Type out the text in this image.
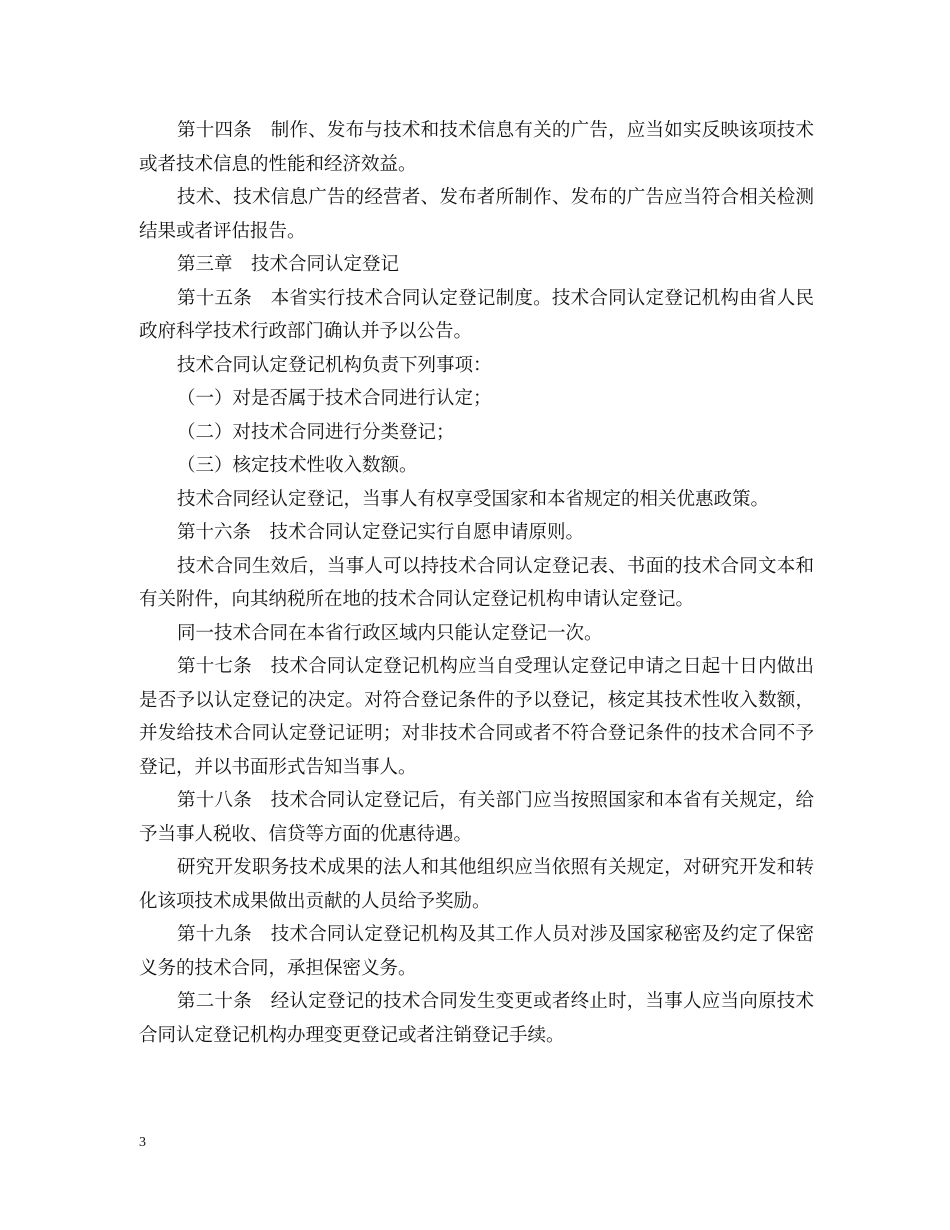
第十四条　制作、发布与技术和技术信息有关的广告，应当如实反映该项技术或者技术信息的性能和经济效益。

技术、技术信息广告的经营者、发布者所制作、发布的广告应当符合相关检测结果或者评估报告。

第三章　技术合同认定登记

第十五条　本省实行技术合同认定登记制度。技术合同认定登记机构由省人民政府科学技术行政部门确认并予以公告。

技术合同认定登记机构负责下列事项：

（一）对是否属于技术合同进行认定；

（二）对技术合同进行分类登记；

（三）核定技术性收入数额。

技术合同经认定登记，当事人有权享受国家和本省规定的相关优惠政策。

第十六条　技术合同认定登记实行自愿申请原则。

技术合同生效后，当事人可以持技术合同认定登记表、书面的技术合同文本和有关附件，向其纳税所在地的技术合同认定登记机构申请认定登记。

同一技术合同在本省行政区域内只能认定登记一次。

第十七条　技术合同认定登记机构应当自受理认定登记申请之日起十日内做出是否予以认定登记的决定。对符合登记条件的予以登记，核定其技术性收入数额，并发给技术合同认定登记证明；对非技术合同或者不符合登记条件的技术合同不予登记，并以书面形式告知当事人。

第十八条　技术合同认定登记后，有关部门应当按照国家和本省有关规定，给予当事人税收、信贷等方面的优惠待遇。

研究开发职务技术成果的法人和其他组织应当依照有关规定，对研究开发和转化该项技术成果做出贡献的人员给予奖励。

第十九条　技术合同认定登记机构及其工作人员对涉及国家秘密及约定了保密义务的技术合同，承担保密义务。

第二十条　经认定登记的技术合同发生变更或者终止时，当事人应当向原技术合同认定登记机构办理变更登记或者注销登记手续。

3
